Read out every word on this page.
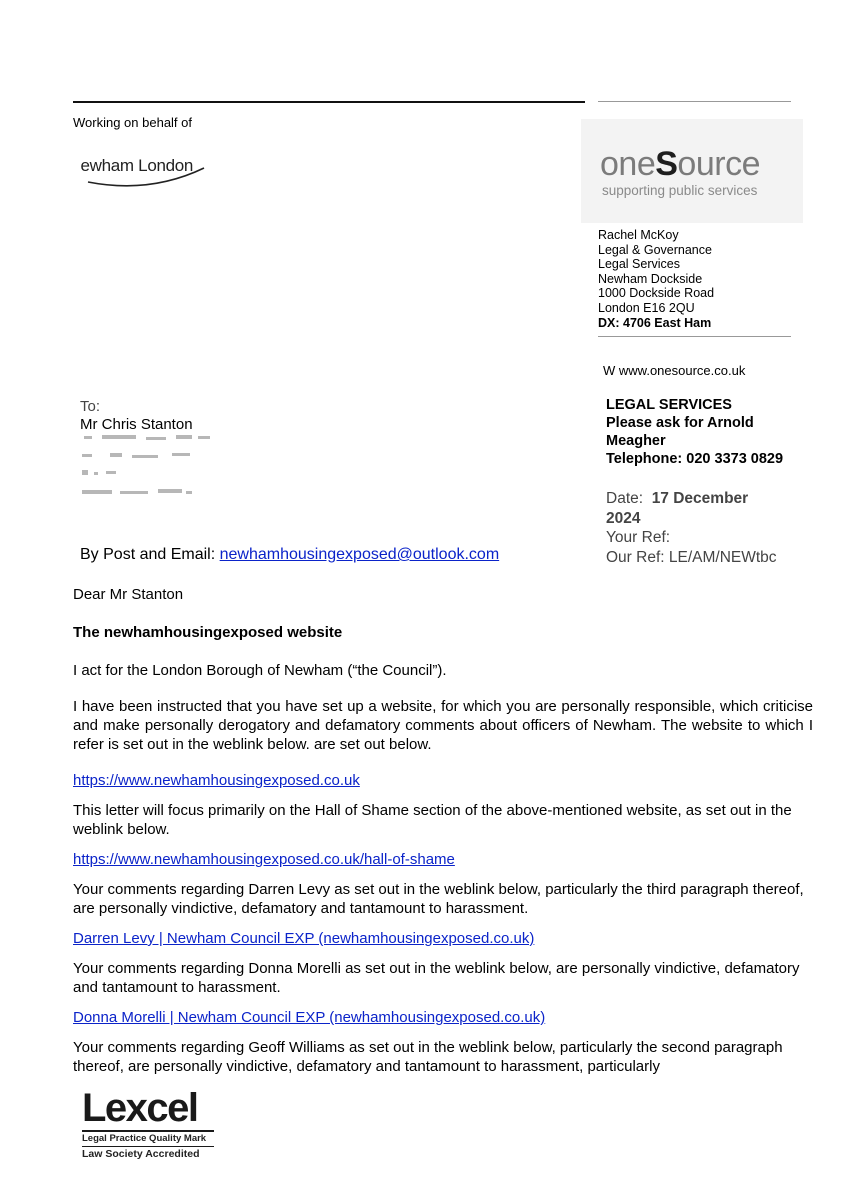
Working on behalf of
ewham London	oneSource
supporting public services
Rachel McKoy
Legal & Governance
Legal Services
Newham Dockside
1000 Dockside Road
London E16 2QU
DX: 4706 East Ham
W www.onesource.co.uk
LEGAL SERVICES
Please ask for Arnold
Meagher
Telephone: 020 3373 0829
Date: 17 December
2024
Your Ref:
Our Ref: LE/AM/NEWtbc
To:
Mr Chris Stanton
By Post and Email: newhamhousingexposed@outlook.com
Dear Mr Stanton
The newhamhousingexposed website
I act for the London Borough of Newham (“the Council”).
I have been instructed that you have set up a website, for which you are personally responsible, which criticise and make personally derogatory and defamatory comments about officers of Newham. The website to which I refer is set out in the weblink below. are set out below.
https://www.newhamhousingexposed.co.uk
This letter will focus primarily on the Hall of Shame section of the above-mentioned website, as set out in the weblink below.
https://www.newhamhousingexposed.co.uk/hall-of-shame
Your comments regarding Darren Levy as set out in the weblink below, particularly the third paragraph thereof, are personally vindictive, defamatory and tantamount to harassment.
Darren Levy | Newham Council EXP (newhamhousingexposed.co.uk)
Your comments regarding Donna Morelli as set out in the weblink below, are personally vindictive, defamatory and tantamount to harassment.
Donna Morelli | Newham Council EXP (newhamhousingexposed.co.uk)
Your comments regarding Geoff Williams as set out in the weblink below, particularly the second paragraph thereof, are personally vindictive, defamatory and tantamount to harassment, particularly
Lexcel
Legal Practice Quality Mark
Law Society Accredited
